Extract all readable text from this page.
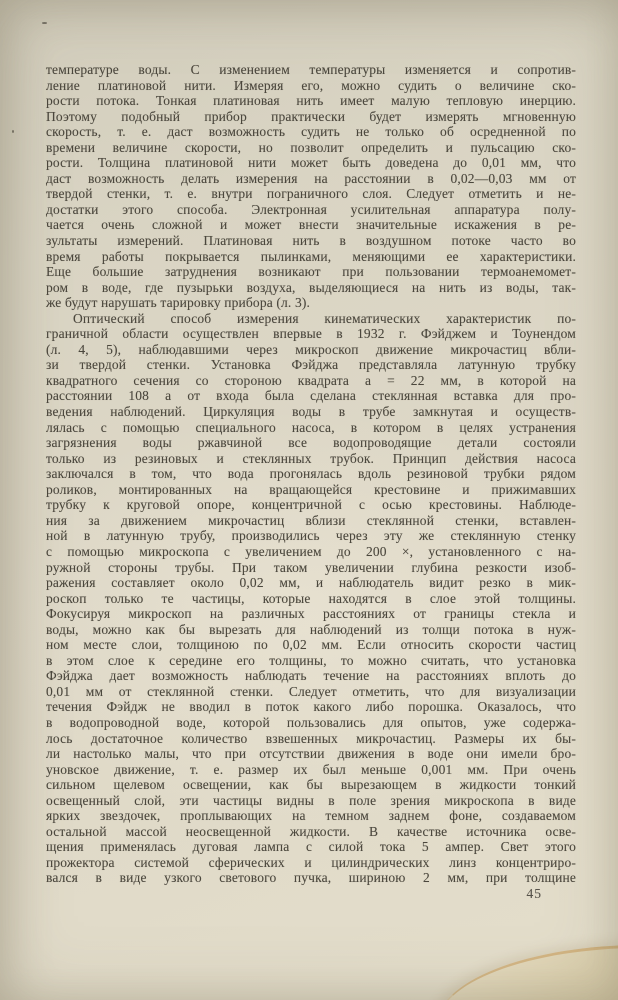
температуре воды. С изменением температуры изменяется и сопротив-
ление платиновой нити. Измеряя его, можно судить о величине ско-
рости потока. Тонкая платиновая нить имеет малую тепловую инерцию.
Поэтому подобный прибор практически будет измерять мгновенную
скорость, т. е. даст возможность судить не только об осредненной по
времени величине скорости, но позволит определить и пульсацию ско-
рости. Толщина платиновой нити может быть доведена до 0,01 мм, что
даст возможность делать измерения на расстоянии в 0,02—0,03 мм от
твердой стенки, т. е. внутри пограничного слоя. Следует отметить и не-
достатки этого способа. Электронная усилительная аппаратура полу-
чается очень сложной и может внести значительные искажения в ре-
зультаты измерений. Платиновая нить в воздушном потоке часто во
время работы покрывается пылинками, меняющими ее характеристики.
Еще большие затруднения возникают при пользовании термоанемомет-
ром в воде, где пузырьки воздуха, выделяющиеся на нить из воды, так-
же будут нарушать тарировку прибора (л. 3).
Оптический способ измерения кинематических характеристик по-
граничной области осуществлен впервые в 1932 г. Фэйджем и Тоунендом
(л. 4, 5), наблюдавшими через микроскоп движение микрочастиц вбли-
зи твердой стенки. Установка Фэйджа представляла латунную трубку
квадратного сечения со стороною квадрата a = 22 мм, в которой на
расстоянии 108 a от входа была сделана стеклянная вставка для про-
ведения наблюдений. Циркуляция воды в трубе замкнутая и осуществ-
лялась с помощью специального насоса, в котором в целях устранения
загрязнения воды ржавчиной все водопроводящие детали состояли
только из резиновых и стеклянных трубок. Принцип действия насоса
заключался в том, что вода прогонялась вдоль резиновой трубки рядом
роликов, монтированных на вращающейся крестовине и прижимавших
трубку к круговой опоре, концентричной с осью крестовины. Наблюде-
ния за движением микрочастиц вблизи стеклянной стенки, вставлен-
ной в латунную трубу, производились через эту же стеклянную стенку
с помощью микроскопа с увеличением до 200 ×, установленного с на-
ружной стороны трубы. При таком увеличении глубина резкости изоб-
ражения составляет около 0,02 мм, и наблюдатель видит резко в мик-
роскоп только те частицы, которые находятся в слое этой толщины.
Фокусируя микроскоп на различных расстояниях от границы стекла и
воды, можно как бы вырезать для наблюдений из толщи потока в нуж-
ном месте слои, толщиною по 0,02 мм. Если относить скорости частиц
в этом слое к середине его толщины, то можно считать, что установка
Фэйджа дает возможность наблюдать течение на расстояниях вплоть до
0,01 мм от стеклянной стенки. Следует отметить, что для визуализации
течения Фэйдж не вводил в поток какого либо порошка. Оказалось, что
в водопроводной воде, которой пользовались для опытов, уже содержа-
лось достаточное количество взвешенных микрочастиц. Размеры их бы-
ли настолько малы, что при отсутствии движения в воде они имели бро-
уновское движение, т. е. размер их был меньше 0,001 мм. При очень
сильном щелевом освещении, как бы вырезающем в жидкости тонкий
освещенный слой, эти частицы видны в поле зрения микроскопа в виде
ярких звездочек, проплывающих на темном заднем фоне, создаваемом
остальной массой неосвещенной жидкости. В качестве источника осве-
щения применялась дуговая лампа с силой тока 5 ампер. Свет этого
прожектора системой сферических и цилиндрических линз концентриро-
вался в виде узкого светового пучка, шириною 2 мм, при толщине
45
